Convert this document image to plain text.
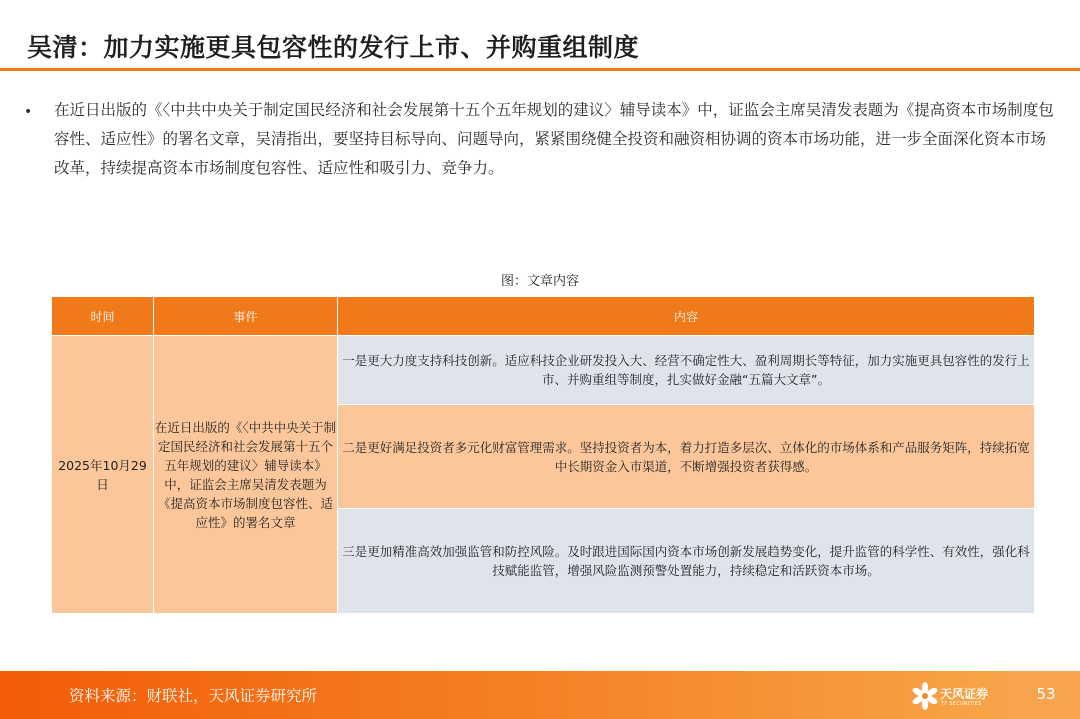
吴清：加力实施更具包容性的发行上市、并购重组制度
• 在近日出版的《〈中共中央关于制定国民经济和社会发展第十五个五年规划的建议〉辅导读本》中，证监会主席吴清发表题为《提高资本市场制度包容性、适应性》的署名文章，吴清指出，要坚持目标导向、问题导向，紧紧围绕健全投资和融资相协调的资本市场功能，进一步全面深化资本市场改革，持续提高资本市场制度包容性、适应性和吸引力、竞争力。
图：文章内容
时间	事件	内容
2025年10月29日	在近日出版的《〈中共中央关于制定国民经济和社会发展第十五个五年规划的建议〉辅导读本》中，证监会主席吴清发表题为《提高资本市场制度包容性、适应性》的署名文章	一是更大力度支持科技创新。适应科技企业研发投入大、经营不确定性大、盈利周期长等特征，加力实施更具包容性的发行上市、并购重组等制度，扎实做好金融“五篇大文章”。
		二是更好满足投资者多元化财富管理需求。坚持投资者为本，着力打造多层次、立体化的市场体系和产品服务矩阵，持续拓宽中长期资金入市渠道，不断增强投资者获得感。
		三是更加精准高效加强监管和防控风险。及时跟进国际国内资本市场创新发展趋势变化，提升监管的科学性、有效性，强化科技赋能监管，增强风险监测预警处置能力，持续稳定和活跃资本市场。
资料来源：财联社，天风证券研究所	天风证券
TF SECURITIES
53
